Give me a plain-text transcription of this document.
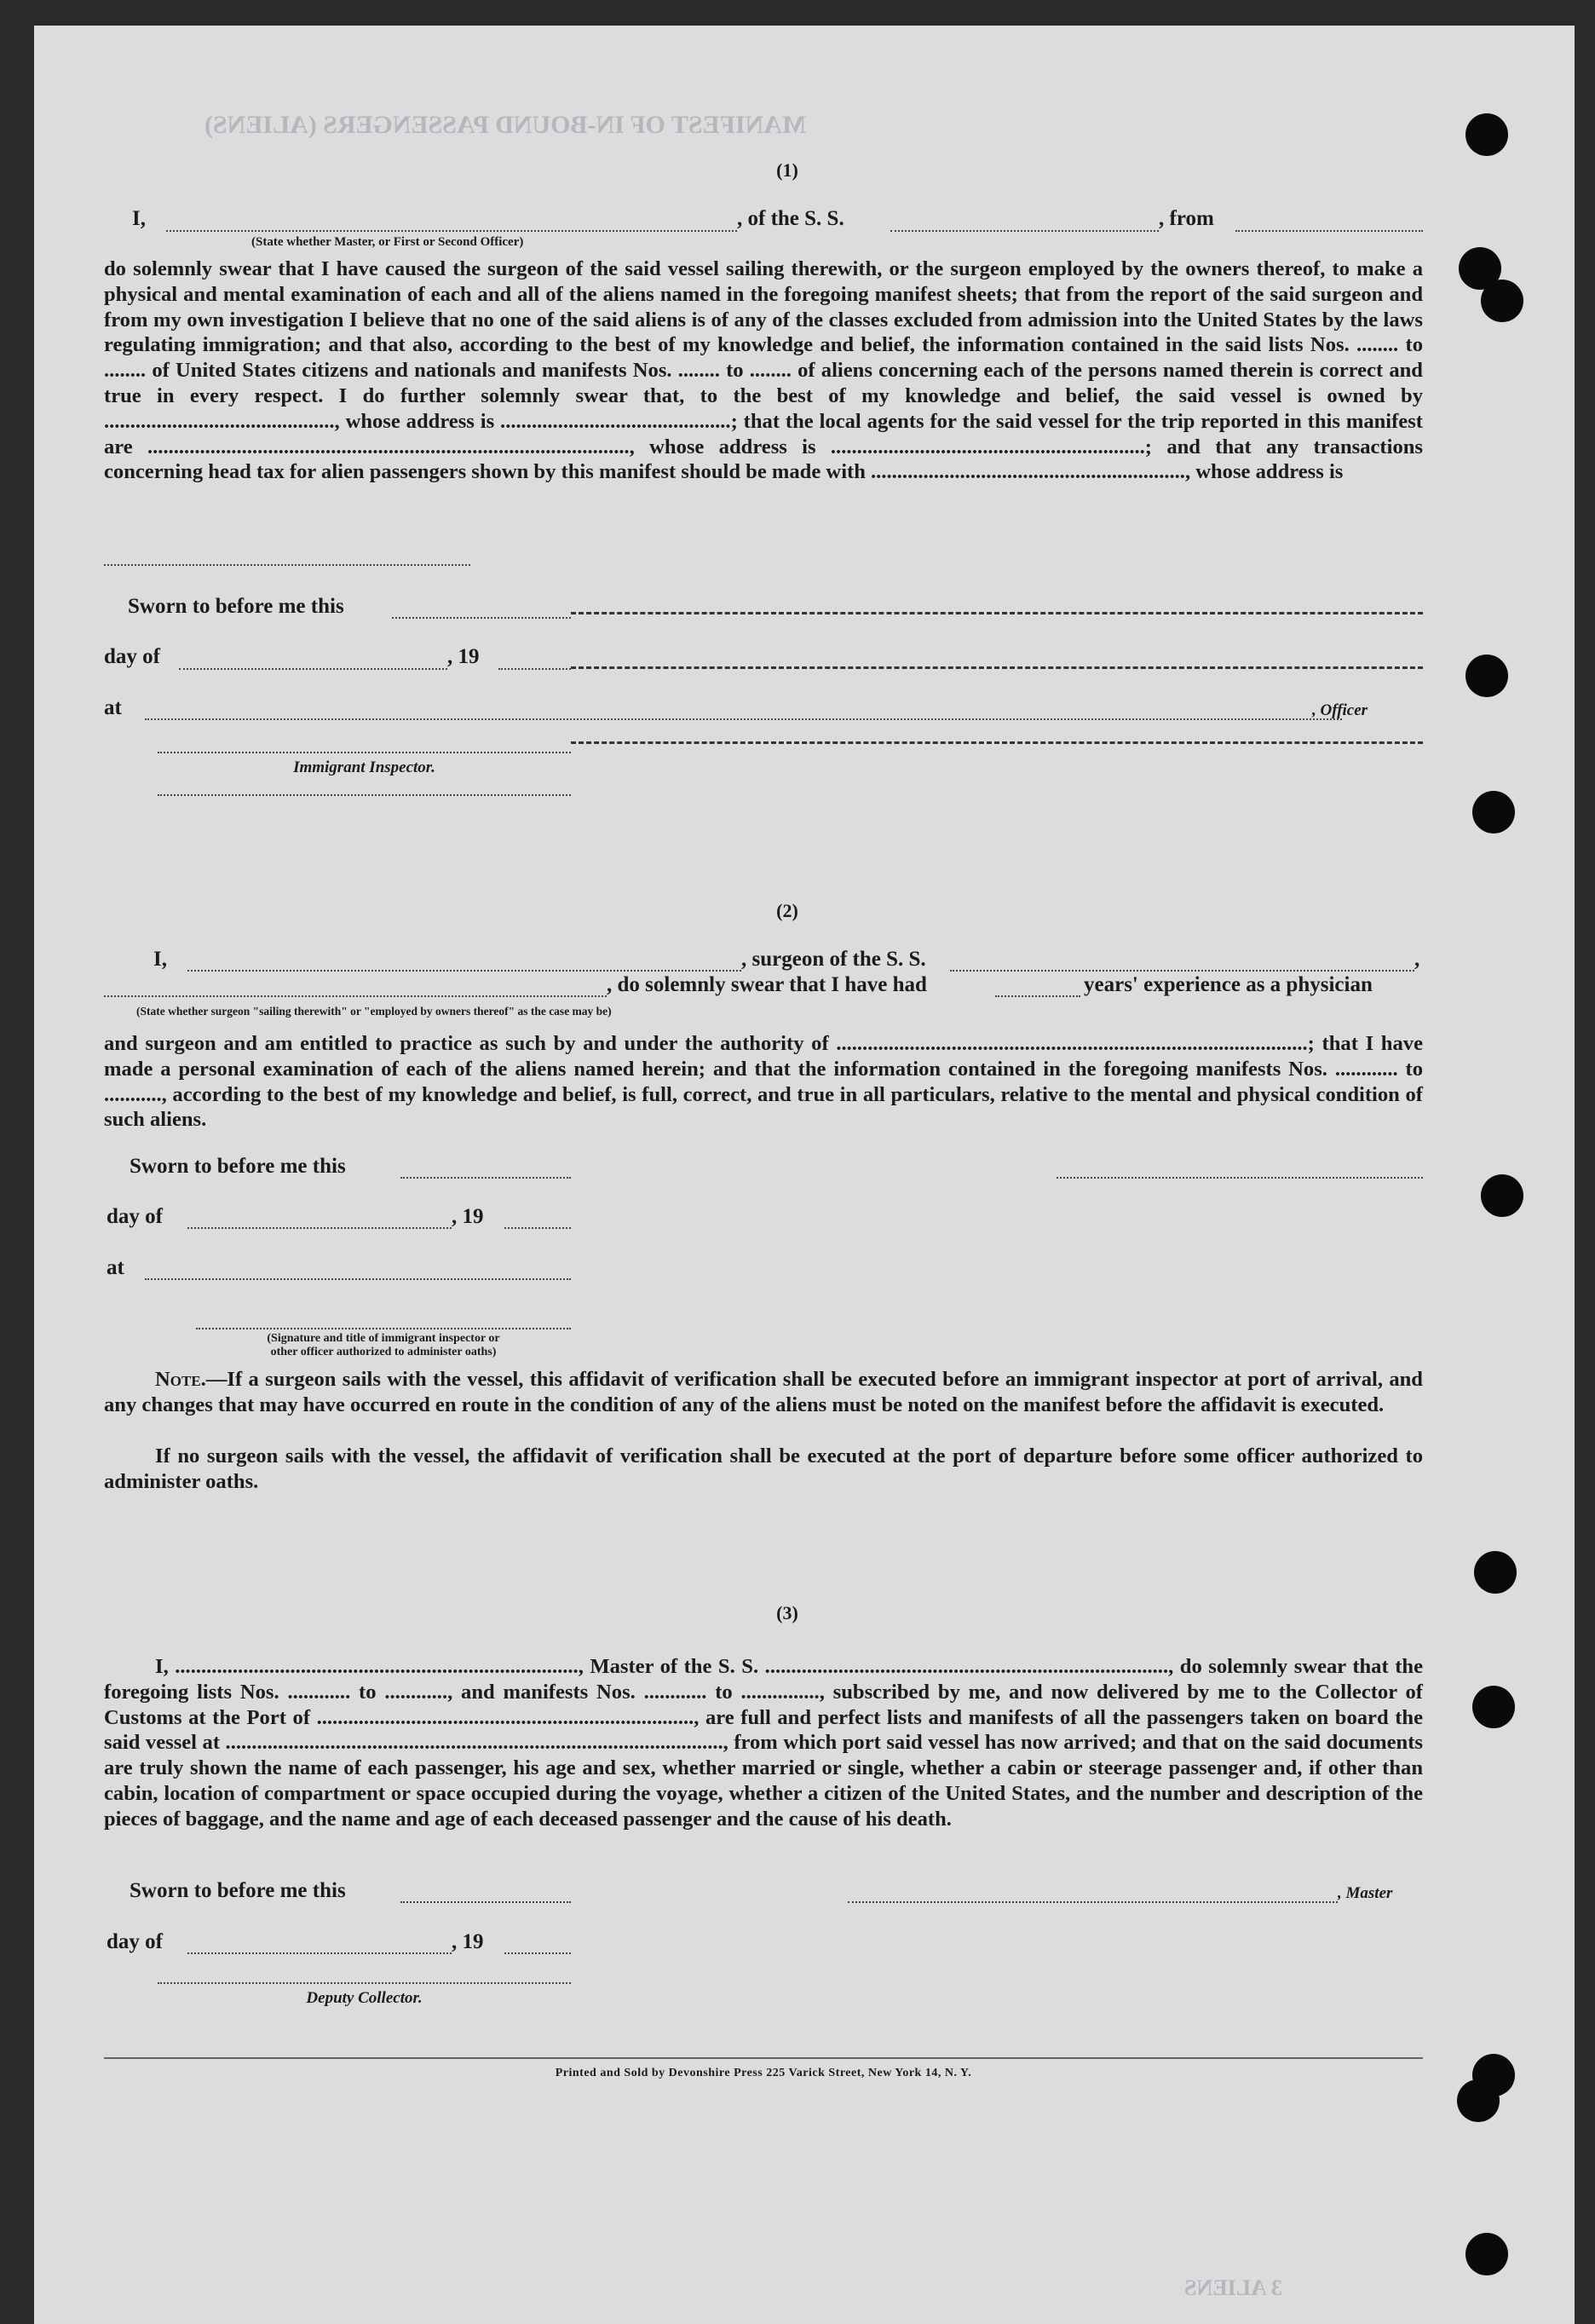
MANIFEST OF IN-BOUND PASSENGERS (ALIENS)
3 ALIENS
(1)
I,	, of the S. S.	, from
(State whether Master, or First or Second Officer)
do solemnly swear that I have caused the surgeon of the said vessel sailing therewith, or the surgeon employed by the owners thereof, to make a physical and mental examination of each and all of the aliens named in the foregoing manifest sheets; that from the report of the said surgeon and from my own investigation I believe that no one of the said aliens is of any of the classes excluded from admission into the United States by the laws regulating immigration; and that also, according to the best of my knowledge and belief, the information contained in the said lists Nos. ........ to ........ of United States citizens and nationals and manifests Nos. ........ to ........ of aliens concerning each of the persons named therein is correct and true in every respect. I do further solemnly swear that, to the best of my knowledge and belief, the said vessel is owned by ............................................, whose address is ............................................; that the local agents for the said vessel for the trip reported in this manifest are ............................................................................................, whose address is ............................................................; and that any transactions concerning head tax for alien passengers shown by this manifest should be made with ............................................................, whose address is
Sworn to before me this
day of	, 19
at	, Officer
Immigrant Inspector.
(2)
I,	, surgeon of the S. S.	,
, do solemnly swear that I have had	years' experience as a physician
(State whether surgeon "sailing therewith" or "employed by owners thereof" as the case may be)
and surgeon and am entitled to practice as such by and under the authority of ..........................................................................................; that I have made a personal examination of each of the aliens named herein; and that the information contained in the foregoing manifests Nos. ............ to ..........., according to the best of my knowledge and belief, is full, correct, and true in all particulars, relative to the mental and physical condition of such aliens.
Sworn to before me this
day of	, 19
at
(Signature and title of immigrant inspector or
other officer authorized to administer oaths)
Note.—If a surgeon sails with the vessel, this affidavit of verification shall be executed before an immigrant inspector at port of arrival, and any changes that may have occurred en route in the condition of any of the aliens must be noted on the manifest before the affidavit is executed.
If no surgeon sails with the vessel, the affidavit of verification shall be executed at the port of departure before some officer authorized to administer oaths.
(3)
I, ............................................................................., Master of the S. S. ............................................................................., do solemnly swear that the foregoing lists Nos. ............ to ............, and manifests Nos. ............ to ..............., subscribed by me, and now delivered by me to the Collector of Customs at the Port of ........................................................................, are full and perfect lists and manifests of all the passengers taken on board the said vessel at ..............................................................................................., from which port said vessel has now arrived; and that on the said documents are truly shown the name of each passenger, his age and sex, whether married or single, whether a cabin or steerage passenger and, if other than cabin, location of compartment or space occupied during the voyage, whether a citizen of the United States, and the number and description of the pieces of baggage, and the name and age of each deceased passenger and the cause of his death.
Sworn to before me this	, Master
day of	, 19
Deputy Collector.
Printed and Sold by Devonshire Press 225 Varick Street, New York 14, N. Y.
